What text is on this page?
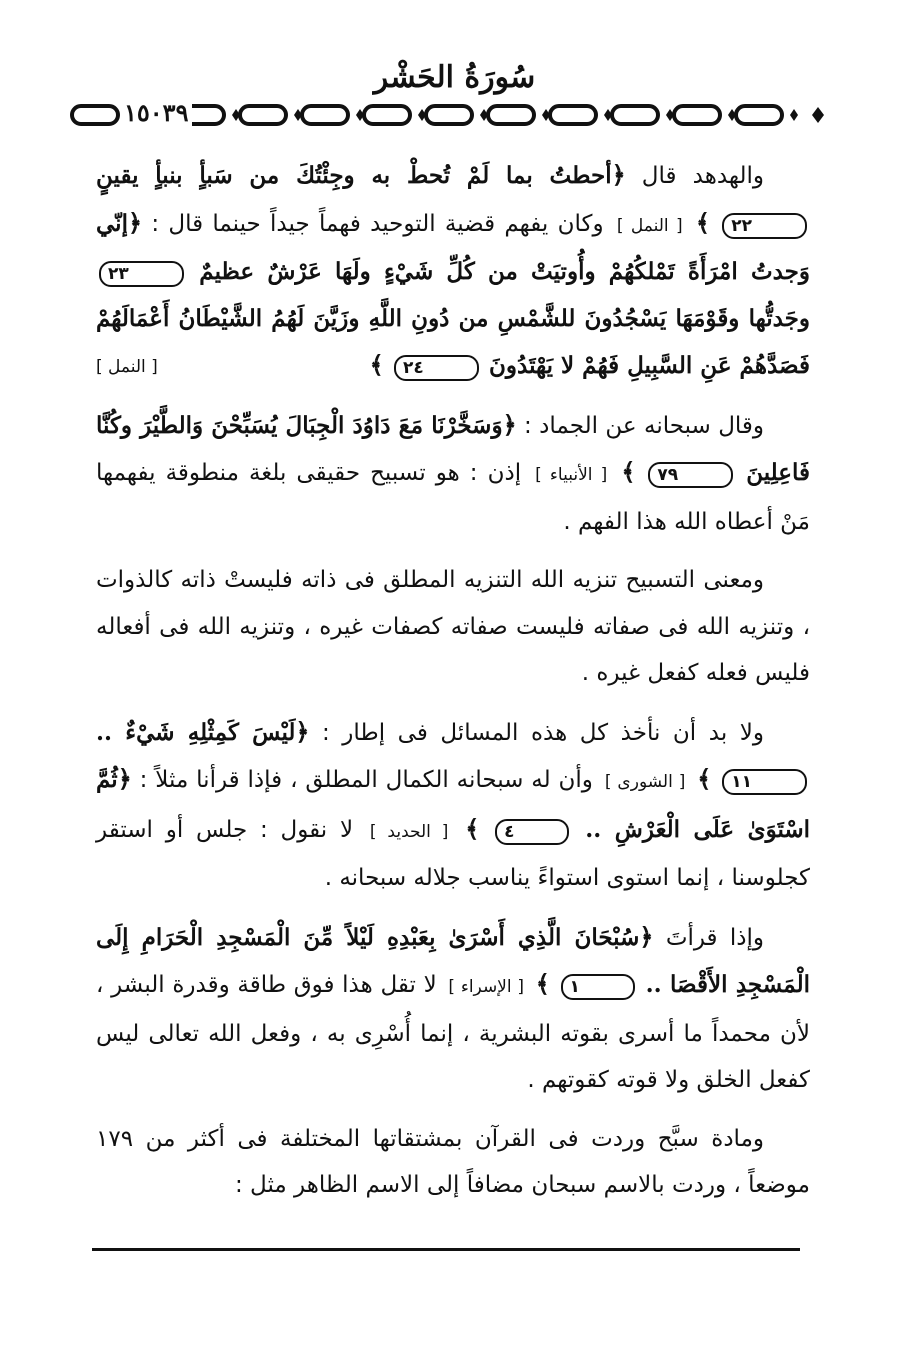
سُورَةُ الحَشْر
١٥٠٣٩

والهدهد قال ﴿أحطتُ بما لَمْ تُحطْ به وجِئْتُكَ من سَبأٍ بنبأٍ يقينٍ ٢٢ ﴾ [ النمل ] وكان يفهم قضية التوحيد فهماً جيداً حينما قال : ﴿إنّي وَجدتُ امْرَأَةً تَمْلكُهُمْ وأُوتيَتْ من كُلِّ شَيْءٍ ولَهَا عَرْشٌ عظيمٌ ٢٣ وجَدتُّها وقَوْمَهَا يَسْجُدُونَ للشَّمْسِ من دُونِ اللَّهِ وزَيَّنَ لَهُمُ الشَّيْطَانُ أَعْمَالَهُمْ فَصَدَّهُمْ عَنِ السَّبِيلِ فَهُمْ لا يَهْتَدُونَ ٢٤ ﴾
[ النمل ]

وقال سبحانه عن الجماد : ﴿وَسَخَّرْنَا مَعَ دَاوُدَ الْجِبَالَ يُسَبِّحْنَ وَالطَّيْرَ وكُنَّا فَاعِلِينَ ٧٩ ﴾ [ الأنبياء ] إذن : هو تسبيح حقيقى بلغة منطوقة يفهمها مَنْ أعطاه الله هذا الفهم .

ومعنى التسبيح تنزيه الله التنزيه المطلق فى ذاته فليستْ ذاته كالذوات ، وتنزيه الله فى صفاته فليست صفاته كصفات غيره ، وتنزيه الله فى أفعاله فليس فعله كفعل غيره .

ولا بد أن نأخذ كل هذه المسائل فى إطار : ﴿لَيْسَ كَمِثْلِهِ شَيْءٌ .. ١١ ﴾ [ الشورى ] وأن له سبحانه الكمال المطلق ، فإذا قرأنا مثلاً : ﴿ثُمَّ اسْتَوَىٰ عَلَى الْعَرْشِ .. ٤ ﴾ [ الحديد ] لا نقول : جلس أو استقر كجلوسنا ، إنما استوى استواءً يناسب جلاله سبحانه .

وإذا قرأتَ ﴿سُبْحَانَ الَّذِي أَسْرَىٰ بِعَبْدِهِ لَيْلاً مِّنَ الْمَسْجِدِ الْحَرَامِ إِلَى الْمَسْجِدِ الأَقْصَا .. ١ ﴾ [ الإسراء ] لا تقل هذا فوق طاقة وقدرة البشر ، لأن محمداً ما أسرى بقوته البشرية ، إنما أُسْرِى به ، وفعل الله تعالى ليس كفعل الخلق ولا قوته كقوتهم .

ومادة سبَّح وردت فى القرآن بمشتقاتها المختلفة فى أكثر من ١٧٩ موضعاً ، وردت بالاسم سبحان مضافاً إلى الاسم الظاهر مثل :
